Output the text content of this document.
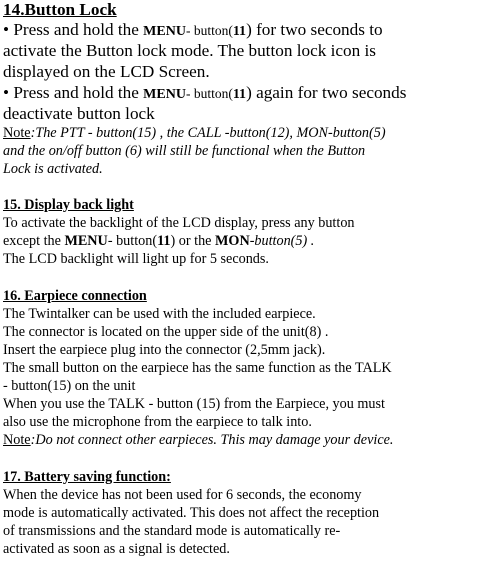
14.Button Lock
• Press and hold the MENU- button(11) for two seconds to
activate the Button lock mode. The button lock icon is
displayed on the LCD Screen.
• Press and hold the MENU- button(11) again for two seconds
deactivate button lock
Note:The PTT - button(15) , the CALL -button(12), MON-button(5)
and the on/off button (6) will still be functional when the Button
Lock is activated.
15. Display back light
To activate the backlight of the LCD display, press any button
except the MENU- button(11) or the MON-button(5) .
The LCD backlight will light up for 5 seconds.
16. Earpiece connection
The Twintalker can be used with the included earpiece.
The connector is located on the upper side of the unit(8) .
Insert the earpiece plug into the connector (2,5mm jack).
The small button on the earpiece has the same function as the TALK
- button(15) on the unit
When you use the TALK - button (15) from the Earpiece, you must
also use the microphone from the earpiece to talk into.
Note:Do not connect other earpieces. This may damage your device.
17. Battery saving function:
When the device has not been used for 6 seconds, the economy
mode is automatically activated. This does not affect the reception
of transmissions and the standard mode is automatically re-
activated as soon as a signal is detected.
